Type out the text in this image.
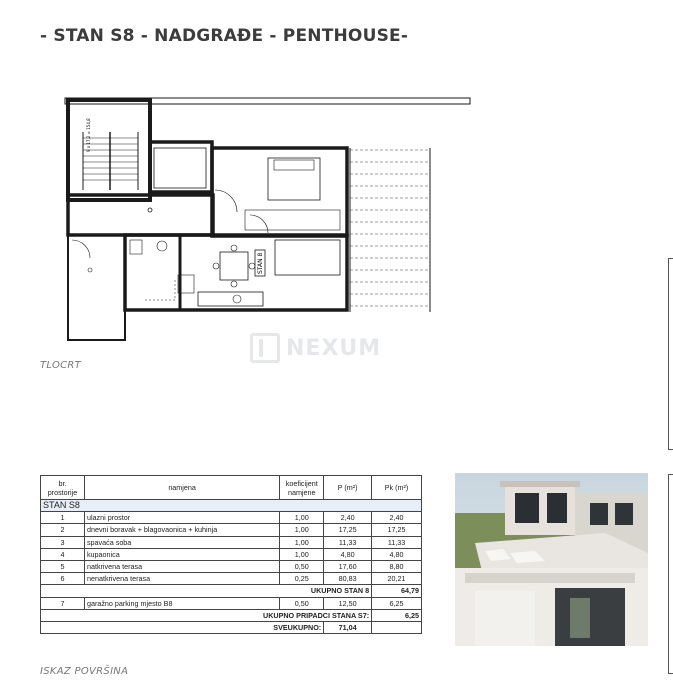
- STAN S8 - NADGRAĐE - PENTHOUSE-
9 x 17,2 = 154,8
STAN 8
NEXUM
TLOCRT
br. prostorije	namjena	koeficijent namjene	P (m²)	Pk (m²)
STAN S8				
1	ulazni prostor	1,00	2,40	2,40
2	dnevni boravak + blagovaonica + kuhinja	1,00	17,25	17,25
3	spavaća soba	1,00	11,33	11,33
4	kupaonica	1,00	4,80	4,80
5	natkrivena terasa	0,50	17,60	8,80
6	nenatkrivena terasa	0,25	80,83	20,21
UKUPNO STAN 8				64,79
7	garažno parking mjesto B8	0,50	12,50	6,25
UKUPNO PRIPADCI STANA S7:				6,25
SVEUKUPNO:			71,04	
ISKAZ POVRŠINA
